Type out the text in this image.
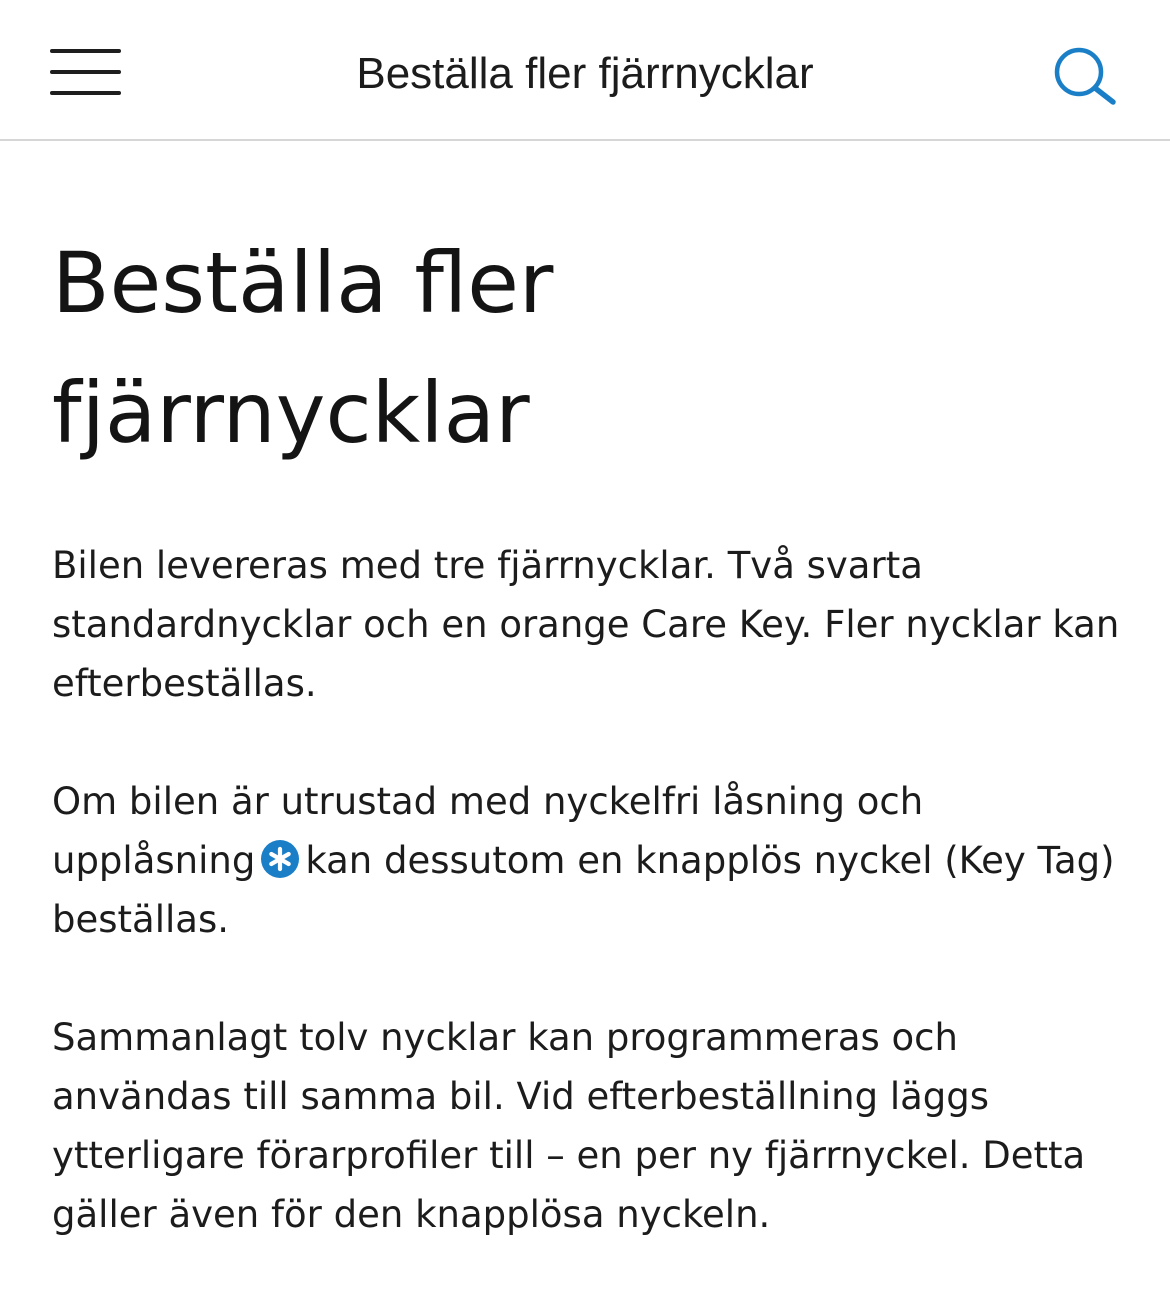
Beställa fler fjärrnycklar
Beställa fler fjärrnycklar

Bilen levereras med tre fjärrnycklar. Två svarta standardnycklar och en orange Care Key. Fler nycklar kan efterbeställas.

Om bilen är utrustad med nyckelfri låsning och upplåsning kan dessutom en knapplös nyckel (Key Tag) beställas.

Sammanlagt tolv nycklar kan programmeras och användas till samma bil. Vid efterbeställning läggs ytterligare förarprofiler till – en per ny fjärrnyckel. Detta gäller även för den knapplösa nyckeln.
